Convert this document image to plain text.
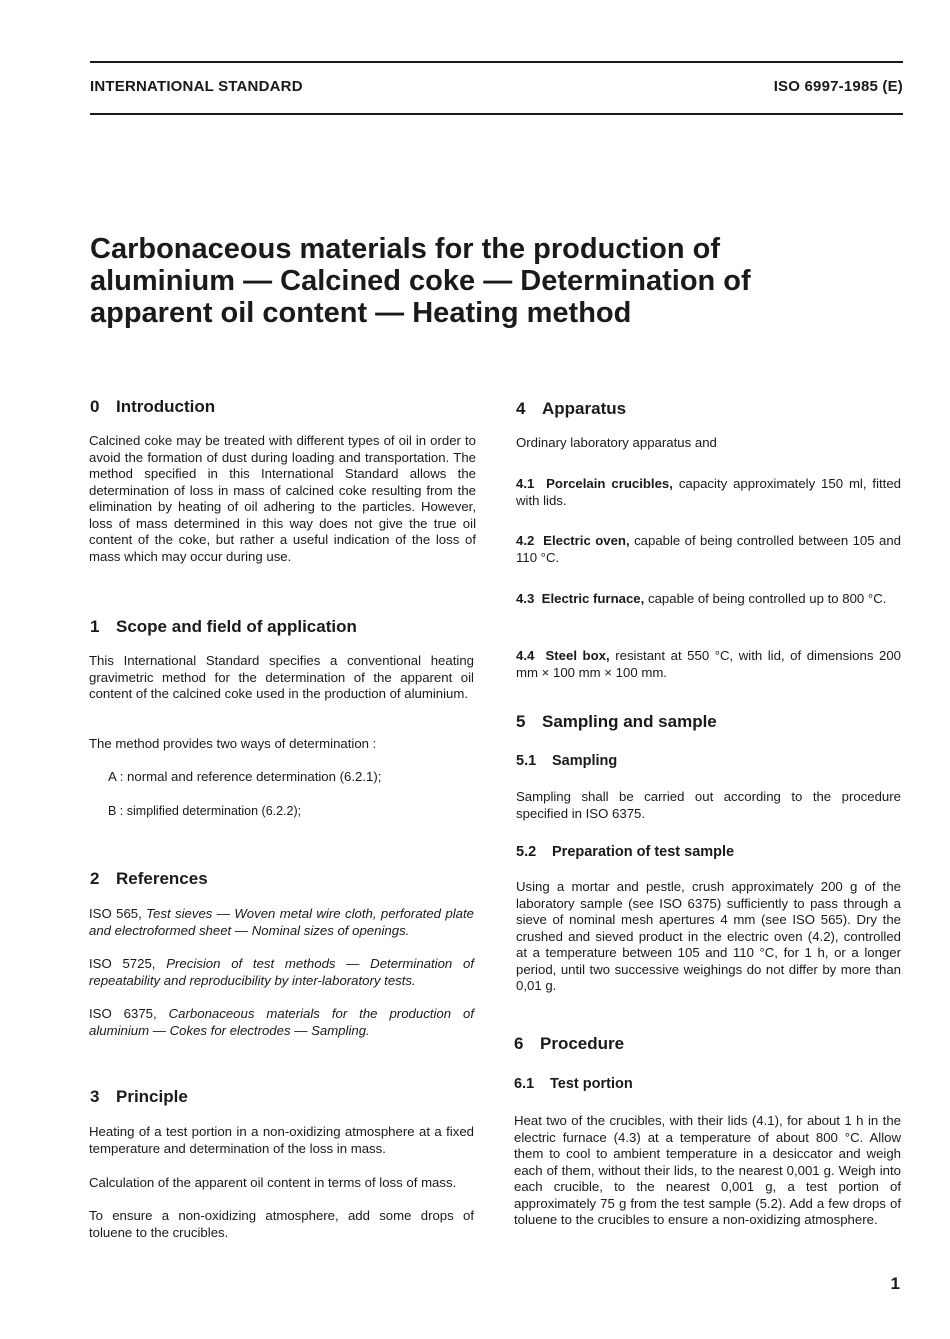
INTERNATIONAL STANDARD	ISO 6997-1985 (E)
Carbonaceous materials for the production of aluminium — Calcined coke — Determination of apparent oil content — Heating method
0 Introduction
Calcined coke may be treated with different types of oil in order to avoid the formation of dust during loading and transportation. The method specified in this International Standard allows the determination of loss in mass of calcined coke resulting from the elimination by heating of oil adhering to the particles. However, loss of mass determined in this way does not give the true oil content of the coke, but rather a useful indication of the loss of mass which may occur during use.
1 Scope and field of application
This International Standard specifies a conventional heating gravimetric method for the determination of the apparent oil content of the calcined coke used in the production of aluminium.
The method provides two ways of determination :
A : normal and reference determination (6.2.1);
B : simplified determination (6.2.2);
2 References
ISO 565, Test sieves — Woven metal wire cloth, perforated plate and electroformed sheet — Nominal sizes of openings.
ISO 5725, Precision of test methods — Determination of repeatability and reproducibility by inter-laboratory tests.
ISO 6375, Carbonaceous materials for the production of aluminium — Cokes for electrodes — Sampling.
3 Principle
Heating of a test portion in a non-oxidizing atmosphere at a fixed temperature and determination of the loss in mass.
Calculation of the apparent oil content in terms of loss of mass.
To ensure a non-oxidizing atmosphere, add some drops of toluene to the crucibles.
4 Apparatus
Ordinary laboratory apparatus and
4.1 Porcelain crucibles, capacity approximately 150 ml, fitted with lids.
4.2 Electric oven, capable of being controlled between 105 and 110 °C.
4.3 Electric furnace, capable of being controlled up to 800 °C.
4.4 Steel box, resistant at 550 °C, with lid, of dimensions 200 mm × 100 mm × 100 mm.
5 Sampling and sample
5.1 Sampling
Sampling shall be carried out according to the procedure specified in ISO 6375.
5.2 Preparation of test sample
Using a mortar and pestle, crush approximately 200 g of the laboratory sample (see ISO 6375) sufficiently to pass through a sieve of nominal mesh apertures 4 mm (see ISO 565). Dry the crushed and sieved product in the electric oven (4.2), controlled at a temperature between 105 and 110 °C, for 1 h, or a longer period, until two successive weighings do not differ by more than 0,01 g.
6 Procedure
6.1 Test portion
Heat two of the crucibles, with their lids (4.1), for about 1 h in the electric furnace (4.3) at a temperature of about 800 °C. Allow them to cool to ambient temperature in a desiccator and weigh each of them, without their lids, to the nearest 0,001 g. Weigh into each crucible, to the nearest 0,001 g, a test portion of approximately 75 g from the test sample (5.2). Add a few drops of toluene to the crucibles to ensure a non-oxidizing atmosphere.
1
